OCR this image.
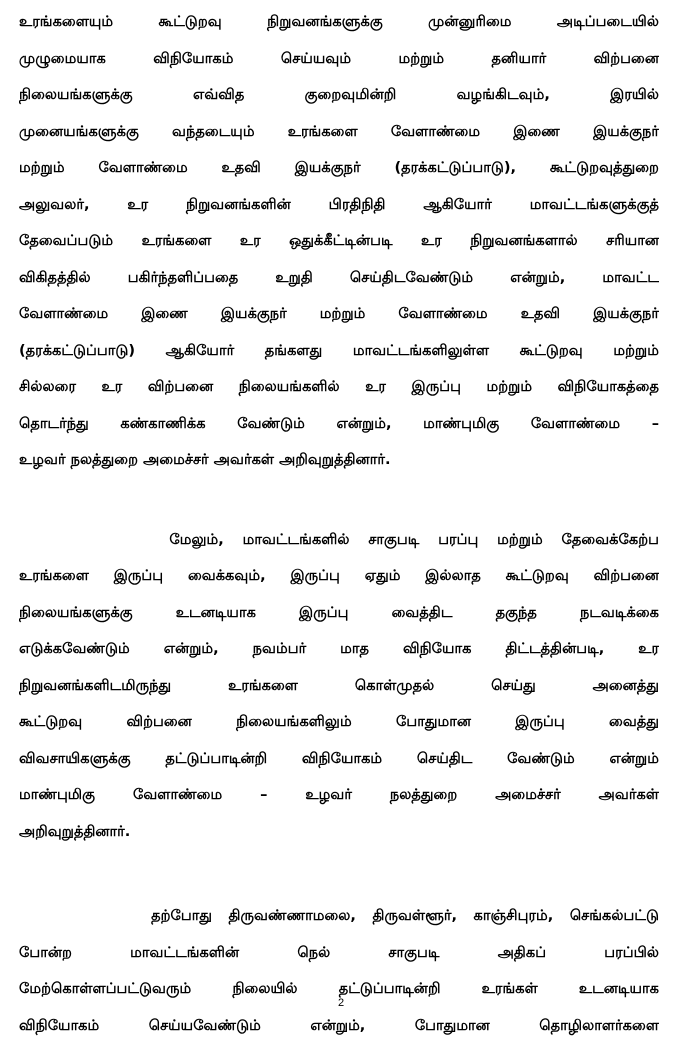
உரங்களையும் கூட்டுறவு நிறுவனங்களுக்கு முன்னுரிமை அடிப்படையில்
முழுமையாக விநியோகம் செய்யவும் மற்றும் தனியார் விற்பனை
நிலையங்களுக்கு எவ்வித குறைவுமின்றி வழங்கிடவும், இரயில்
முனையங்களுக்கு வந்தடையும் உரங்களை வேளாண்மை இணை இயக்குநர்
மற்றும் வேளாண்மை உதவி இயக்குநர் (தரக்கட்டுப்பாடு), கூட்டுறவுத்துறை
அலுவலர், உர நிறுவனங்களின் பிரதிநிதி ஆகியோர் மாவட்டங்களுக்குத்
தேவைப்படும் உரங்களை உர ஒதுக்கீட்டின்படி உர நிறுவனங்களால் சரியான
விகிதத்தில் பகிர்ந்தளிப்பதை உறுதி செய்திடவேண்டும் என்றும், மாவட்ட
வேளாண்மை இணை இயக்குநர் மற்றும் வேளாண்மை உதவி இயக்குநர்
(தரக்கட்டுப்பாடு) ஆகியோர் தங்களது மாவட்டங்களிலுள்ள கூட்டுறவு மற்றும்
சில்லரை உர விற்பனை நிலையங்களில் உர இருப்பு மற்றும் விநியோகத்தை
தொடர்ந்து கண்காணிக்க வேண்டும் என்றும், மாண்புமிகு வேளாண்மை –
உழவர் நலத்துறை அமைச்சர் அவர்கள் அறிவுறுத்தினார்.
மேலும், மாவட்டங்களில் சாகுபடி பரப்பு மற்றும் தேவைக்கேற்ப
உரங்களை இருப்பு வைக்கவும், இருப்பு ஏதும் இல்லாத கூட்டுறவு விற்பனை
நிலையங்களுக்கு உடனடியாக இருப்பு வைத்திட தகுந்த நடவடிக்கை
எடுக்கவேண்டும் என்றும், நவம்பர் மாத விநியோக திட்டத்தின்படி, உர
நிறுவனங்களிடமிருந்து உரங்களை கொள்முதல் செய்து அனைத்து
கூட்டுறவு விற்பனை நிலையங்களிலும் போதுமான இருப்பு வைத்து
விவசாயிகளுக்கு தட்டுப்பாடின்றி விநியோகம் செய்திட வேண்டும் என்றும்
மாண்புமிகு வேளாண்மை – உழவர் நலத்துறை அமைச்சர் அவர்கள்
அறிவுறுத்தினார்.
தற்போது திருவண்ணாமலை, திருவள்ளூர், காஞ்சிபுரம், செங்கல்பட்டு
போன்ற மாவட்டங்களின் நெல் சாகுபடி அதிகப் பரப்பில்
மேற்கொள்ளப்பட்டுவரும் நிலையில் தட்டுப்பாடின்றி உரங்கள் உடனடியாக
விநியோகம் செய்யவேண்டும் என்றும், போதுமான தொழிலாளர்களை
2
